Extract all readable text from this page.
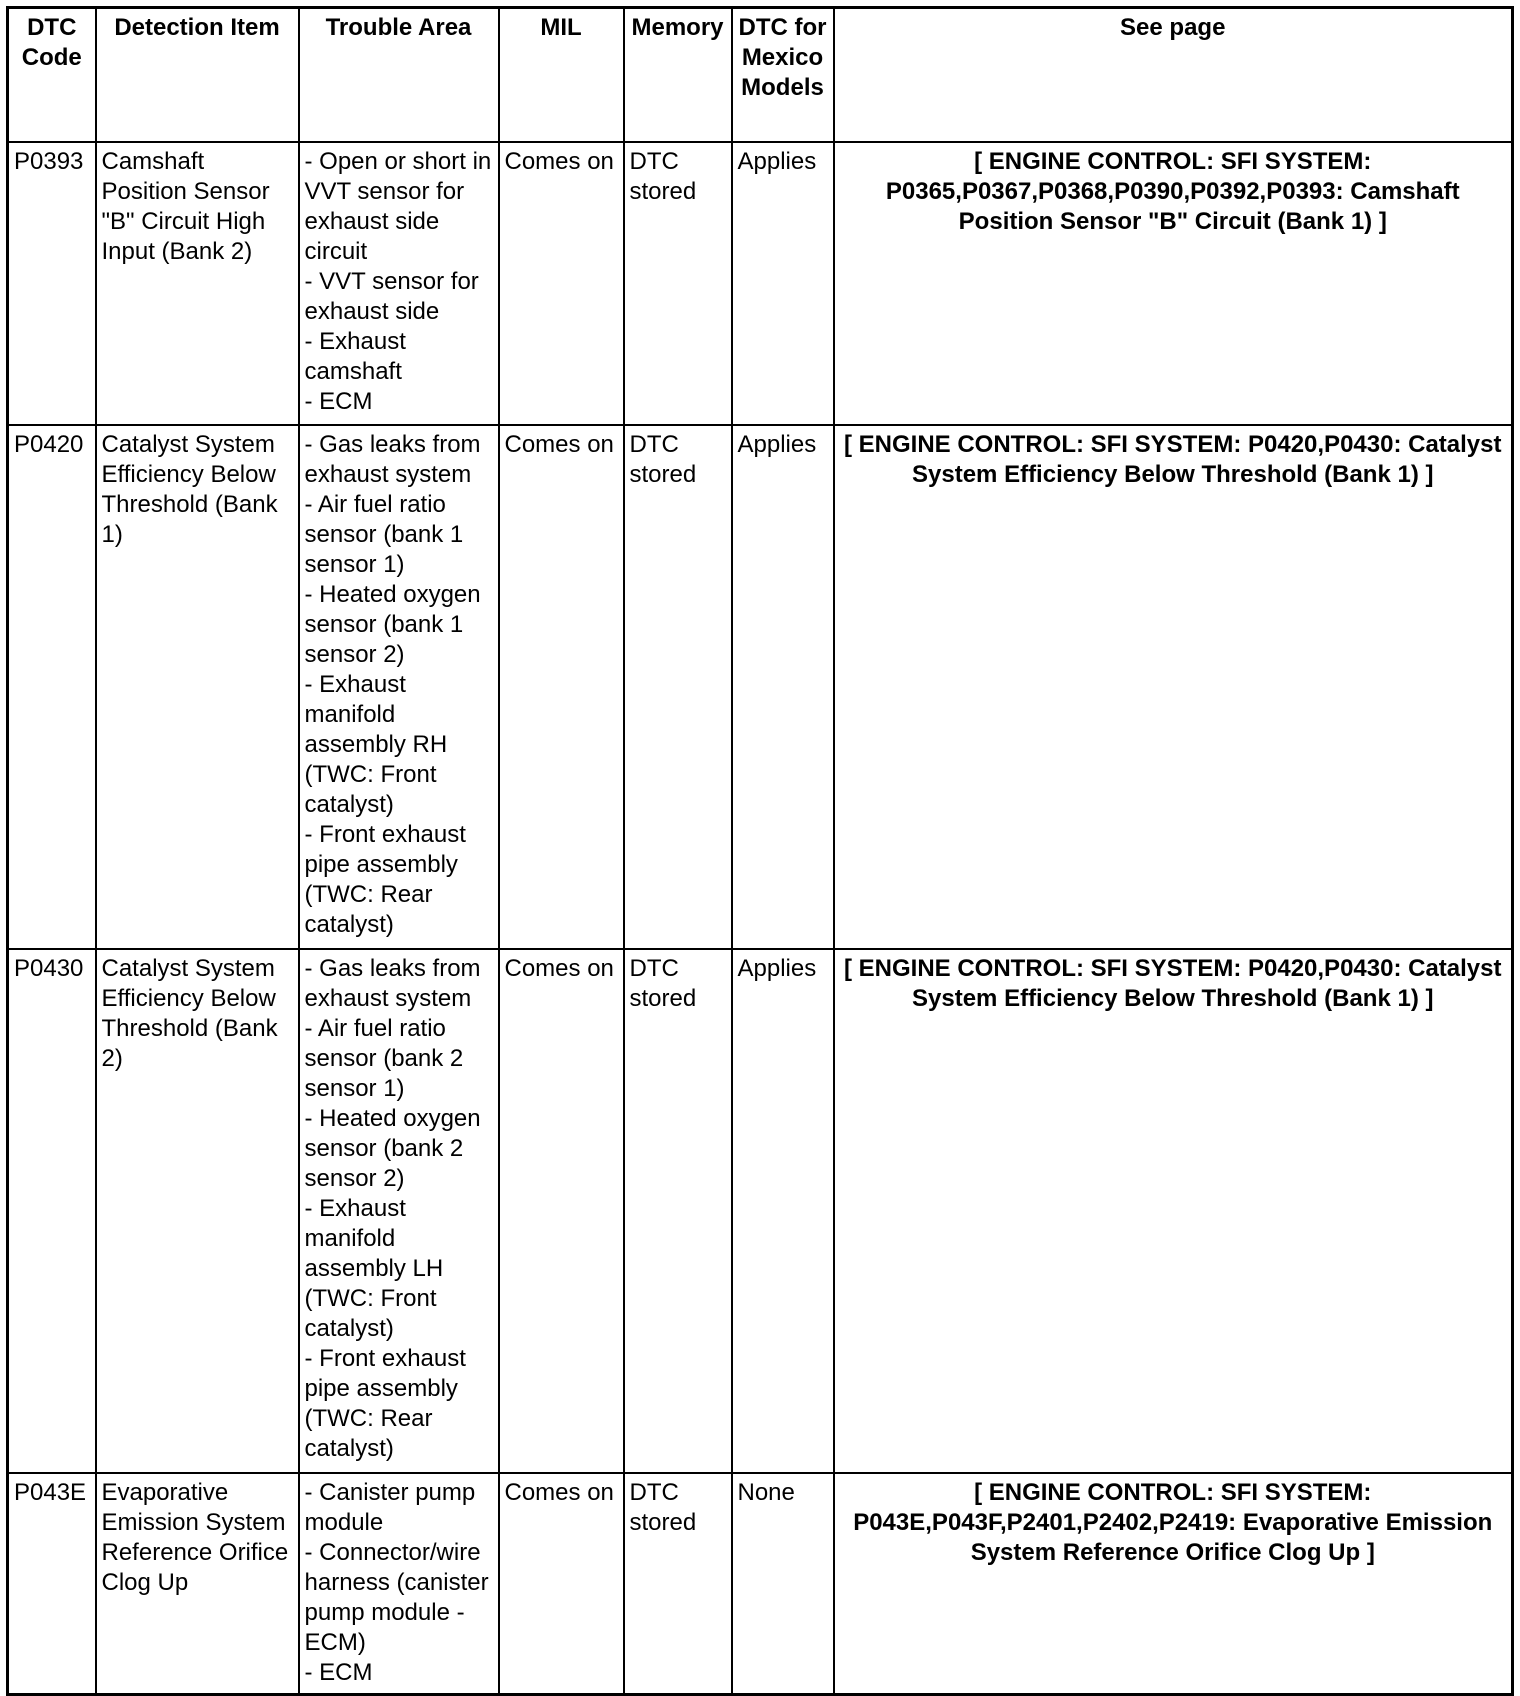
DTC Code	Detection Item	Trouble Area	MIL	Memory	DTC for Mexico Models	See page
P0393	Camshaft Position Sensor "B" Circuit High Input (Bank 2)	- Open or short in VVT sensor for exhaust side circuit
- VVT sensor for exhaust side
- Exhaust camshaft
- ECM	Comes on	DTC stored	Applies	[ ENGINE CONTROL: SFI SYSTEM: P0365,P0367,P0368,P0390,P0392,P0393: Camshaft Position Sensor "B" Circuit (Bank 1) ]
P0420	Catalyst System Efficiency Below Threshold (Bank 1)	- Gas leaks from exhaust system
- Air fuel ratio sensor (bank 1 sensor 1)
- Heated oxygen sensor (bank 1 sensor 2)
- Exhaust manifold assembly RH (TWC: Front catalyst)
- Front exhaust pipe assembly (TWC: Rear catalyst)	Comes on	DTC stored	Applies	[ ENGINE CONTROL: SFI SYSTEM: P0420,P0430: Catalyst System Efficiency Below Threshold (Bank 1) ]
P0430	Catalyst System Efficiency Below Threshold (Bank 2)	- Gas leaks from exhaust system
- Air fuel ratio sensor (bank 2 sensor 1)
- Heated oxygen sensor (bank 2 sensor 2)
- Exhaust manifold assembly LH (TWC: Front catalyst)
- Front exhaust pipe assembly (TWC: Rear catalyst)	Comes on	DTC stored	Applies	[ ENGINE CONTROL: SFI SYSTEM: P0420,P0430: Catalyst System Efficiency Below Threshold (Bank 1) ]
P043E	Evaporative Emission System Reference Orifice Clog Up	- Canister pump module
- Connector/wire harness (canister pump module - ECM)
- ECM	Comes on	DTC stored	None	[ ENGINE CONTROL: SFI SYSTEM: P043E,P043F,P2401,P2402,P2419: Evaporative Emission System Reference Orifice Clog Up ]
